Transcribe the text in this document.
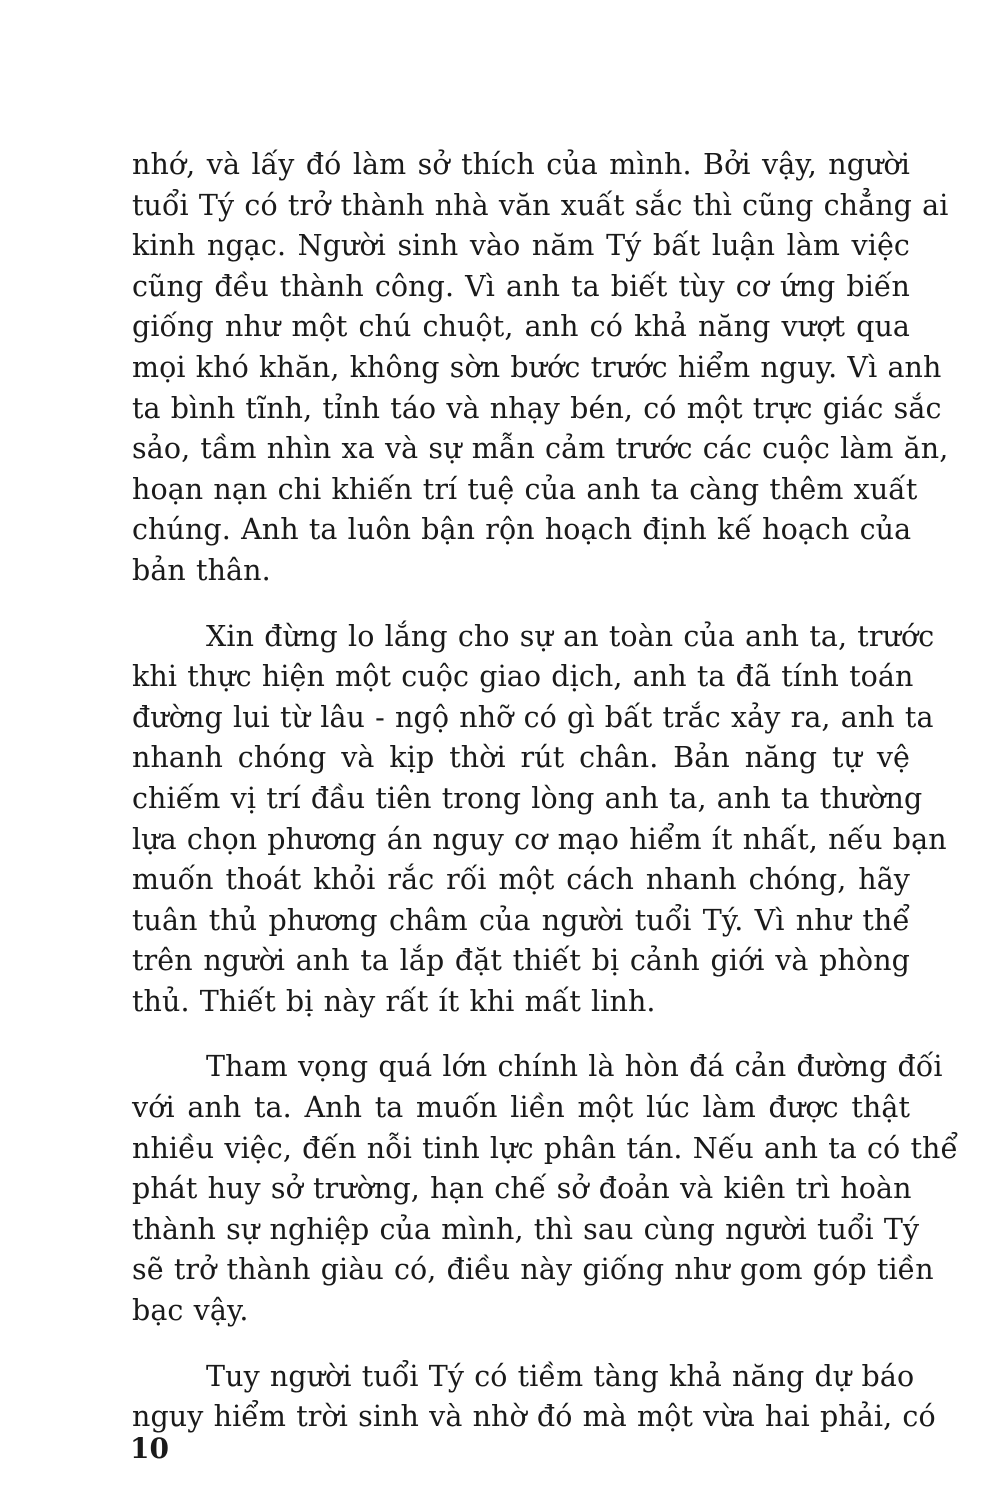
nhớ, và lấy đó làm sở thích của mình. Bởi vậy, người
tuổi Tý có trở thành nhà văn xuất sắc thì cũng chẳng ai
kinh ngạc. Người sinh vào năm Tý bất luận làm việc
cũng đều thành công. Vì anh ta biết tùy cơ ứng biến
giống như một chú chuột, anh có khả năng vượt qua
mọi khó khăn, không sờn bước trước hiểm nguy. Vì anh
ta bình tĩnh, tỉnh táo và nhạy bén, có một trực giác sắc
sảo, tầm nhìn xa và sự mẫn cảm trước các cuộc làm ăn,
hoạn nạn chi khiến trí tuệ của anh ta càng thêm xuất
chúng. Anh ta luôn bận rộn hoạch định kế hoạch của
bản thân.
Xin đừng lo lắng cho sự an toàn của anh ta, trước
khi thực hiện một cuộc giao dịch, anh ta đã tính toán
đường lui từ lâu - ngộ nhỡ có gì bất trắc xảy ra, anh ta
nhanh chóng và kịp thời rút chân. Bản năng tự vệ
chiếm vị trí đầu tiên trong lòng anh ta, anh ta thường
lựa chọn phương án nguy cơ mạo hiểm ít nhất, nếu bạn
muốn thoát khỏi rắc rối một cách nhanh chóng, hãy
tuân thủ phương châm của người tuổi Tý. Vì như thể
trên người anh ta lắp đặt thiết bị cảnh giới và phòng
thủ. Thiết bị này rất ít khi mất linh.
Tham vọng quá lớn chính là hòn đá cản đường đối
với anh ta. Anh ta muốn liền một lúc làm được thật
nhiều việc, đến nỗi tinh lực phân tán. Nếu anh ta có thể
phát huy sở trường, hạn chế sở đoản và kiên trì hoàn
thành sự nghiệp của mình, thì sau cùng người tuổi Tý
sẽ trở thành giàu có, điều này giống như gom góp tiền
bạc vậy.
Tuy người tuổi Tý có tiềm tàng khả năng dự báo
nguy hiểm trời sinh và nhờ đó mà một vừa hai phải, có
10
